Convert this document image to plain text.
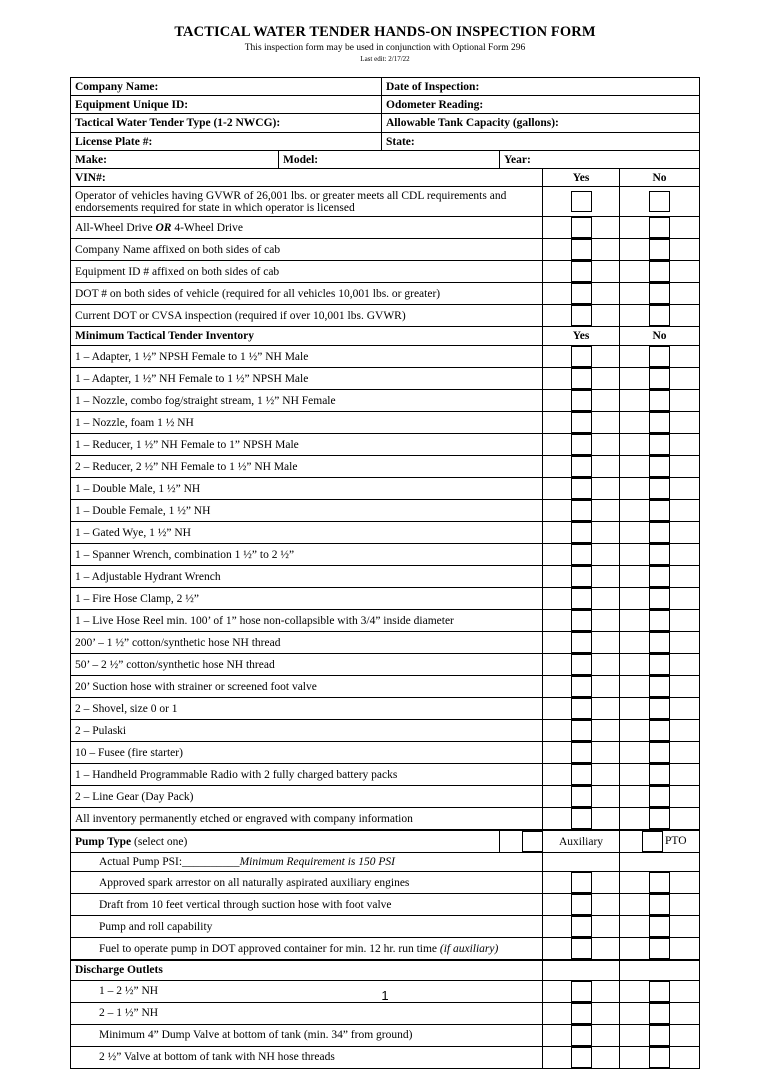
TACTICAL WATER TENDER HANDS-ON INSPECTION FORM
This inspection form may be used in conjunction with Optional Form 296
Last edit: 2/17/22
Company Name:		Date of Inspection:			
Equipment Unique ID:		Odometer Reading:			
Tactical Water Tender Type (1-2 NWCG):		Allowable Tank Capacity (gallons):			
License Plate #:		State:			
Make:	Model:		Year:		
VIN#:				Yes	No
Operator of vehicles having GVWR of 26,001 lbs. or greater meets all CDL requirements and endorsements required for state in which operator is licensed					
All-Wheel Drive OR 4-Wheel Drive					
Company Name affixed on both sides of cab					
Equipment ID # affixed on both sides of cab					
DOT # on both sides of vehicle (required for all vehicles 10,001 lbs. or greater)					
Current DOT or CVSA inspection (required if over 10,001 lbs. GVWR)					
Minimum Tactical Tender Inventory				Yes	No
1 – Adapter, 1 ½” NPSH Female to 1 ½” NH Male					
1 – Adapter, 1 ½” NH Female to 1 ½” NPSH Male					
1 – Nozzle, combo fog/straight stream, 1 ½” NH Female					
1 – Nozzle, foam 1 ½ NH					
1 – Reducer, 1 ½” NH Female to 1” NPSH Male					
2 – Reducer, 2 ½” NH Female to 1 ½” NH Male					
1 – Double Male, 1 ½” NH					
1 – Double Female, 1 ½” NH					
1 – Gated Wye, 1 ½” NH					
1 – Spanner Wrench, combination 1 ½” to 2 ½”					
1 – Adjustable Hydrant Wrench					
1 – Fire Hose Clamp, 2 ½”					
1 – Live Hose Reel min. 100’ of 1” hose non-collapsible with 3/4” inside diameter					
200’ – 1 ½” cotton/synthetic hose NH thread					
50’ – 2 ½” cotton/synthetic hose NH thread					
20’ Suction hose with strainer or screened foot valve					
2 – Shovel, size 0 or 1					
2 – Pulaski					
10 – Fusee (fire starter)					
1 – Handheld Programmable Radio with 2 fully charged battery packs					
2 – Line Gear (Day Pack)					
All inventory permanently etched or engraved with company information					
Pump Type (select one)				Auxiliary	PTO
Actual Pump PSI:__________Minimum Requirement is 150 PSI					
Approved spark arrestor on all naturally aspirated auxiliary engines					
Draft from 10 feet vertical through suction hose with foot valve					
Pump and roll capability					
Fuel to operate pump in DOT approved container for min. 12 hr. run time (if auxiliary)					
Discharge Outlets					
1 – 2 ½” NH					
2 – 1 ½” NH					
Minimum 4” Dump Valve at bottom of tank (min. 34” from ground)					
2 ½” Valve at bottom of tank with NH hose threads					
1
